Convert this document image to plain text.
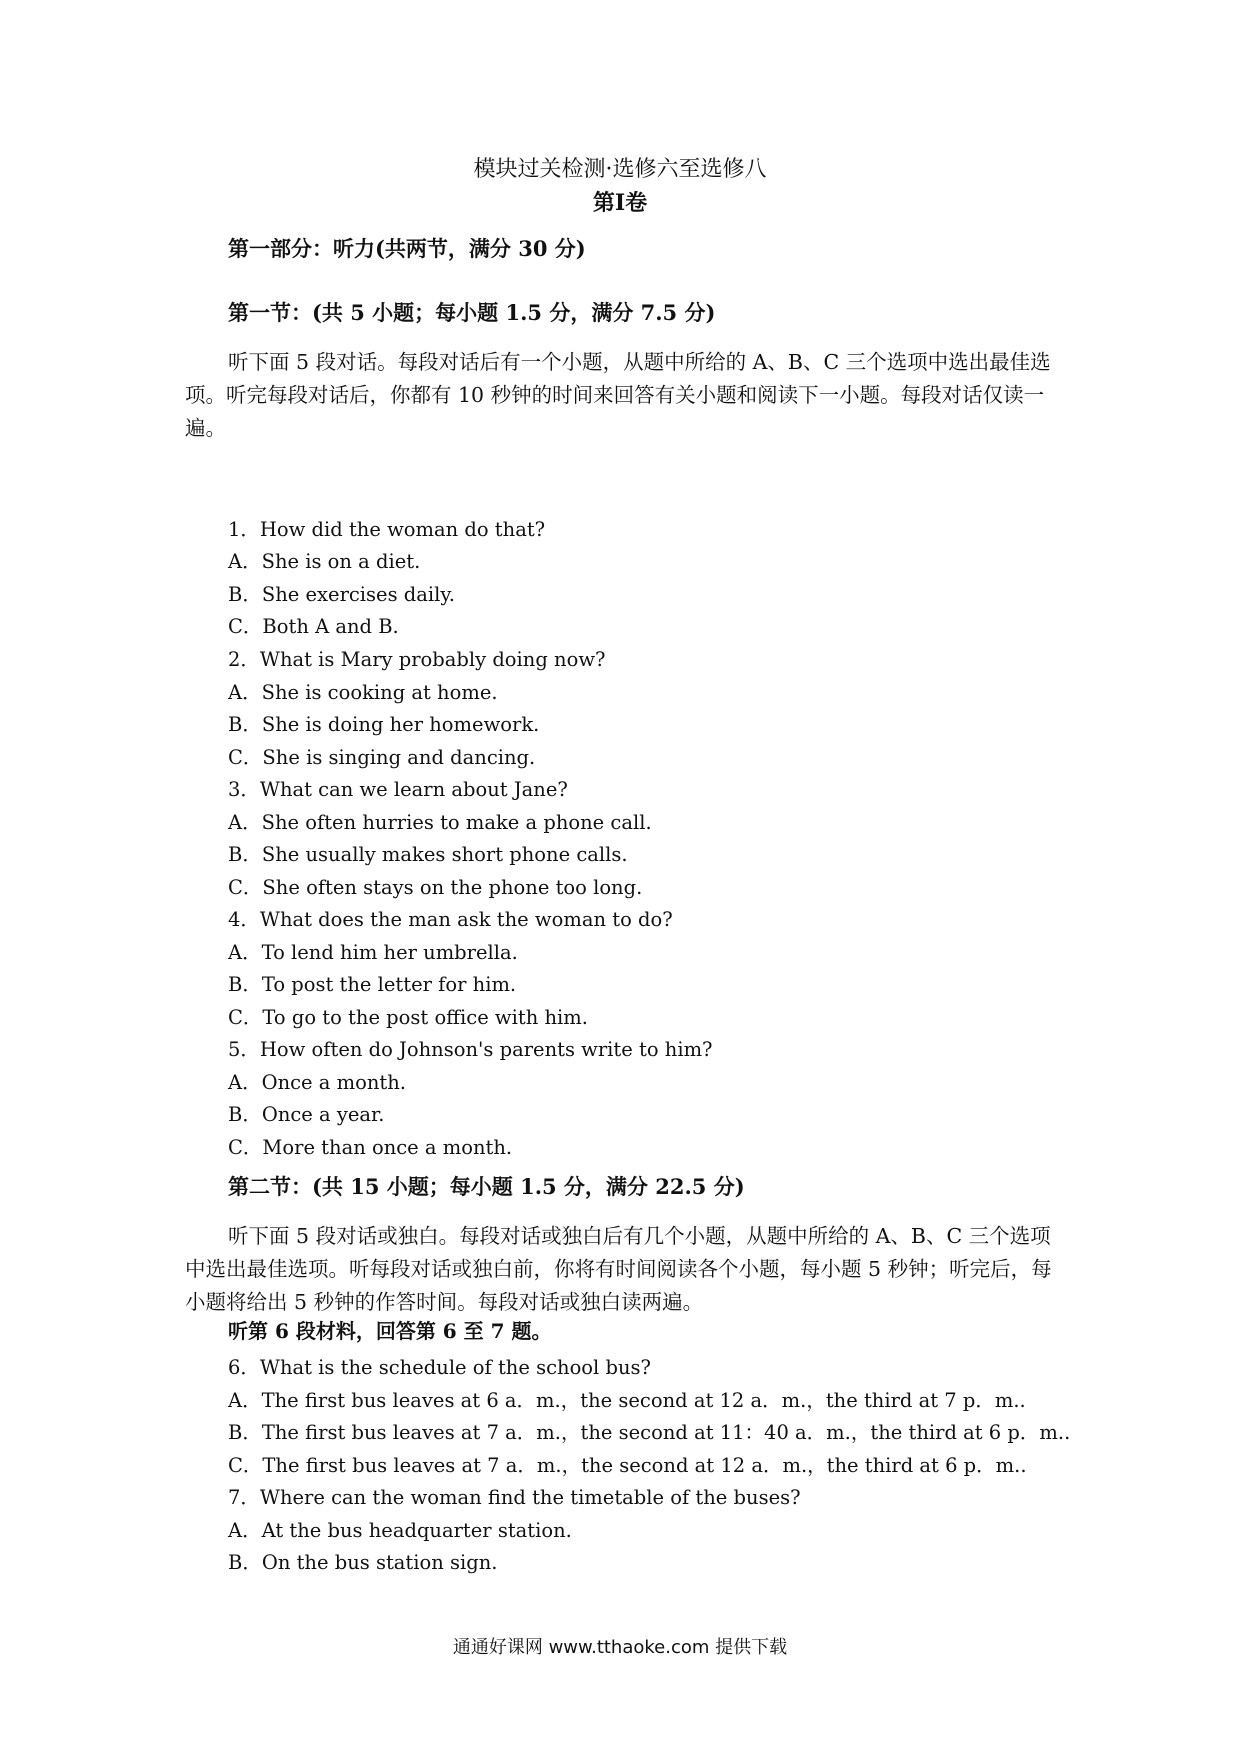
模块过关检测·选修六至选修八
第Ⅰ卷
第一部分：听力(共两节，满分 30 分)
第一节：(共 5 小题；每小题 1.5 分，满分 7.5 分)
听下面 5 段对话。每段对话后有一个小题，从题中所给的 A、B、C 三个选项中选出最佳选项。听完每段对话后，你都有 10 秒钟的时间来回答有关小题和阅读下一小题。每段对话仅读一遍。
1．How did the woman do that?
A．She is on a diet.
B．She exercises daily.
C．Both A and B.
2．What is Mary probably doing now?
A．She is cooking at home.
B．She is doing her homework.
C．She is singing and dancing.
3．What can we learn about Jane?
A．She often hurries to make a phone call.
B．She usually makes short phone calls.
C．She often stays on the phone too long.
4．What does the man ask the woman to do?
A．To lend him her umbrella.
B．To post the letter for him.
C．To go to the post office with him.
5．How often do Johnson's parents write to him?
A．Once a month.
B．Once a year.
C．More than once a month.
第二节：(共 15 小题；每小题 1.5 分，满分 22.5 分)
听下面 5 段对话或独白。每段对话或独白后有几个小题，从题中所给的 A、B、C 三个选项中选出最佳选项。听每段对话或独白前，你将有时间阅读各个小题，每小题 5 秒钟；听完后，每小题将给出 5 秒钟的作答时间。每段对话或独白读两遍。
听第 6 段材料，回答第 6 至 7 题。
6．What is the schedule of the school bus?
A．The first bus leaves at 6 a．m.，the second at 12 a．m.，the third at 7 p．m..
B．The first bus leaves at 7 a．m.，the second at 11：40 a．m.，the third at 6 p．m..
C．The first bus leaves at 7 a．m.，the second at 12 a．m.，the third at 6 p．m..
7．Where can the woman find the timetable of the buses?
A．At the bus headquarter station.
B．On the bus station sign.
通通好课网 www.tthaoke.com 提供下载
